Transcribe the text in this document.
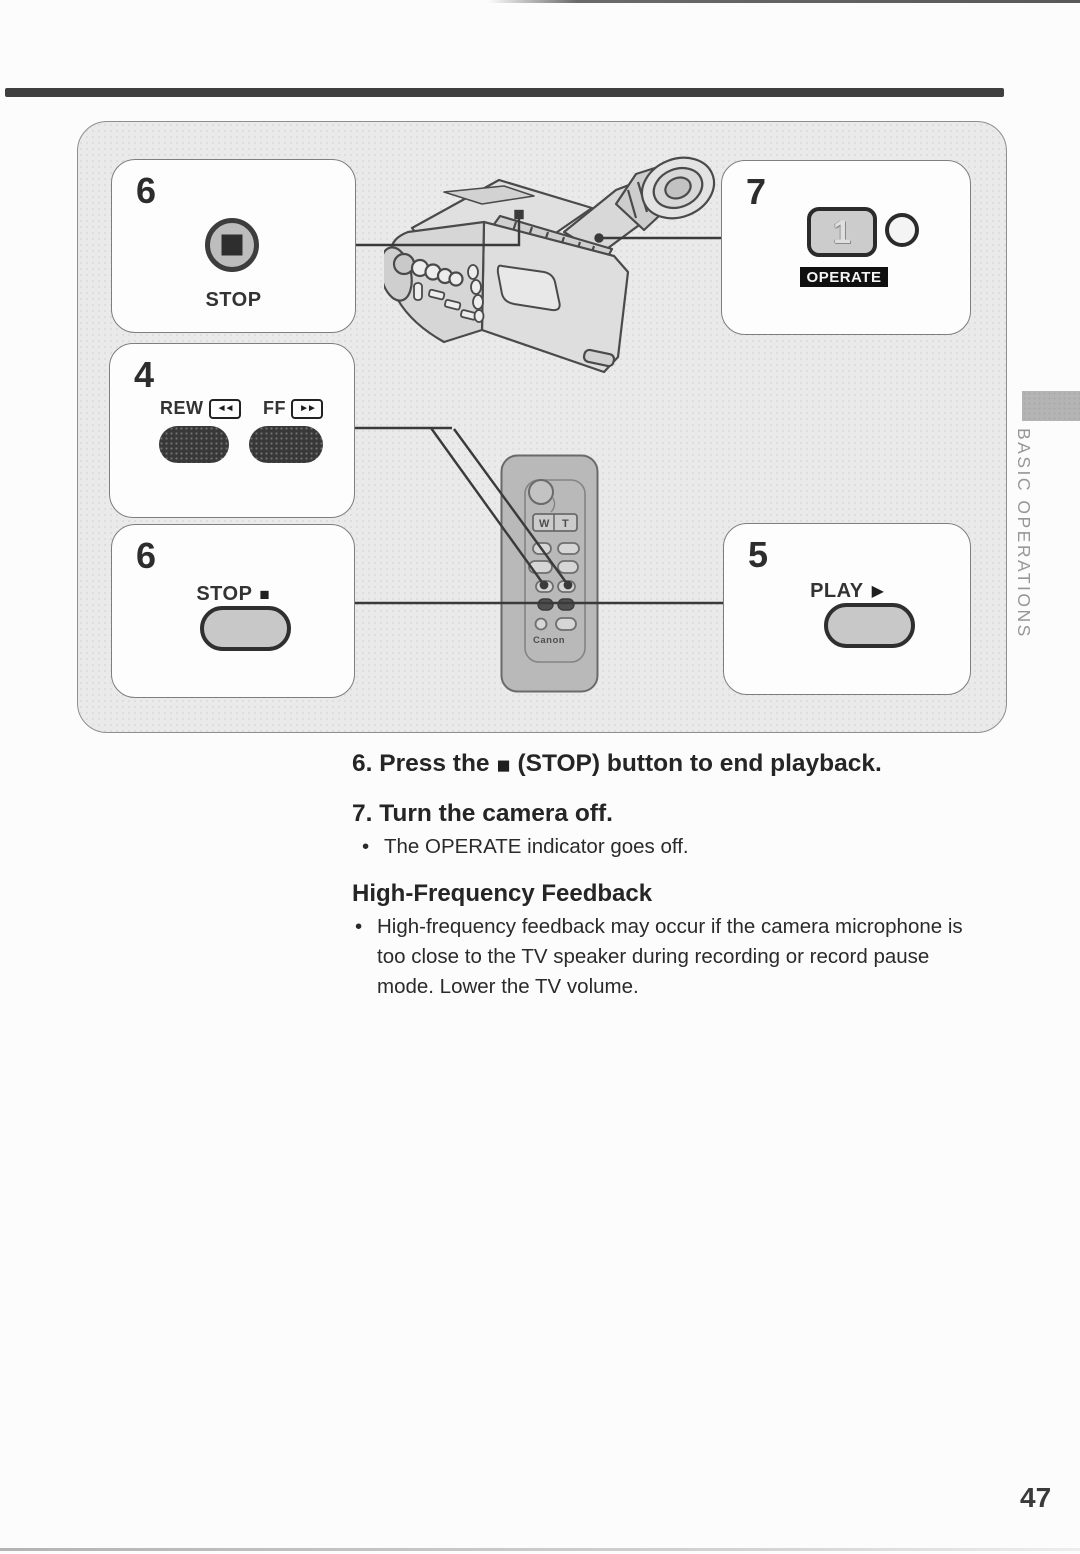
W T
Canon
6
STOP
4
REW	◄◄	FF	►►
6
STOP ■
7
1
OPERATE
5
PLAY ▶
6. Press the ■ (STOP) button to end playback.
7. Turn the camera off.
• The OPERATE indicator goes off.
High-Frequency Feedback
• High-frequency feedback may occur if the camera microphone is
too close to the TV speaker during recording or record pause
mode. Lower the TV volume.
BASIC OPERATIONS
47
